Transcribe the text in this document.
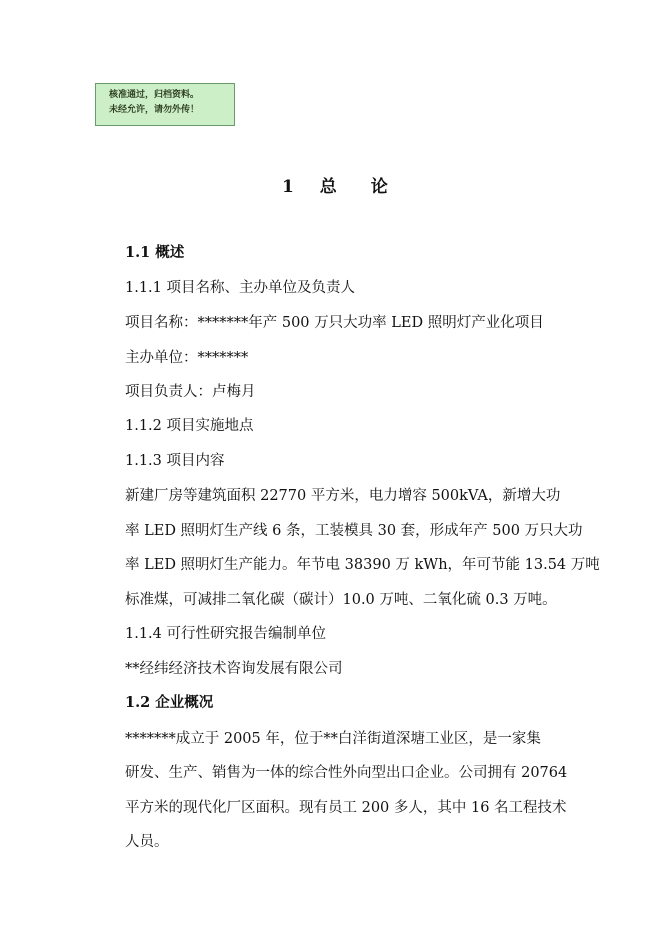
核准通过，归档资料。
未经允许，请勿外传！
1 总 论
1.1 概述
1.1.1 项目名称、主办单位及负责人
项目名称：*******年产 500 万只大功率 LED 照明灯产业化项目
主办单位：*******
项目负责人：卢梅月
1.1.2 项目实施地点
1.1.3 项目内容
新建厂房等建筑面积 22770 平方米，电力增容 500kVA，新增大功
率 LED 照明灯生产线 6 条，工装模具 30 套，形成年产 500 万只大功
率 LED 照明灯生产能力。年节电 38390 万 kWh，年可节能 13.54 万吨
标准煤，可减排二氧化碳（碳计）10.0 万吨、二氧化硫 0.3 万吨。
1.1.4 可行性研究报告编制单位
**经纬经济技术咨询发展有限公司
1.2 企业概况
*******成立于 2005 年，位于**白洋街道深塘工业区，是一家集
研发、生产、销售为一体的综合性外向型出口企业。公司拥有 20764
平方米的现代化厂区面积。现有员工 200 多人，其中 16 名工程技术
人员。
